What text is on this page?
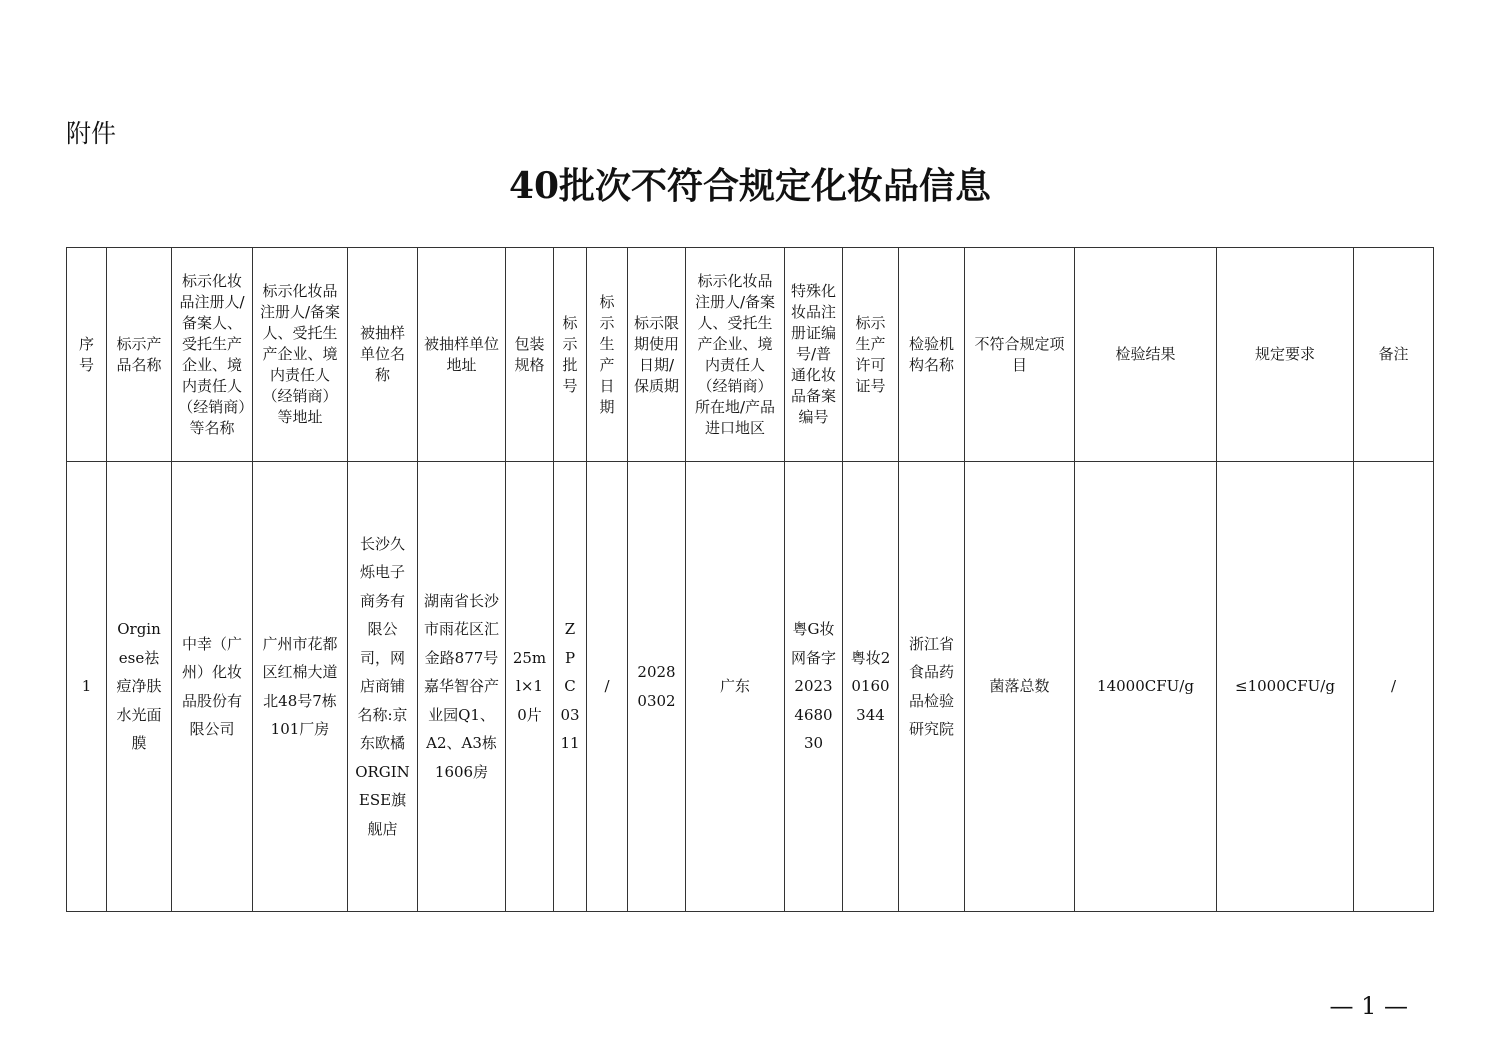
附件
40批次不符合规定化妆品信息
序号	标示产品名称	标示化妆品注册人/备案人、受托生产企业、境内责任人（经销商）等名称	标示化妆品注册人/备案人、受托生产企业、境内责任人（经销商）等地址	被抽样单位名称	被抽样单位地址	包装规格	标示批号	标示生产日期	标示限期使用日期/保质期	标示化妆品注册人/备案人、受托生产企业、境内责任人（经销商）所在地/产品进口地区	特殊化妆品注册证编号/普通化妆品备案编号	标示生产许可证号	检验机构名称	不符合规定项目	检验结果	规定要求	备注
1	Orginese祛痘净肤水光面膜	中幸（广州）化妆品股份有限公司	广州市花都区红棉大道北48号7栋101厂房	长沙久烁电子商务有限公司，网店商铺名称:京东欧橘ORGINESE旗舰店	湖南省长沙市雨花区汇金路877号嘉华智谷产业园Q1、A2、A3栋1606房	25ml×10片	ZPC0311	/	20280302	广东	粤G妆网备字2023468030	粤妆20160344	浙江省食品药品检验研究院	菌落总数	14000CFU/g	≤1000CFU/g	/
— 1 —
